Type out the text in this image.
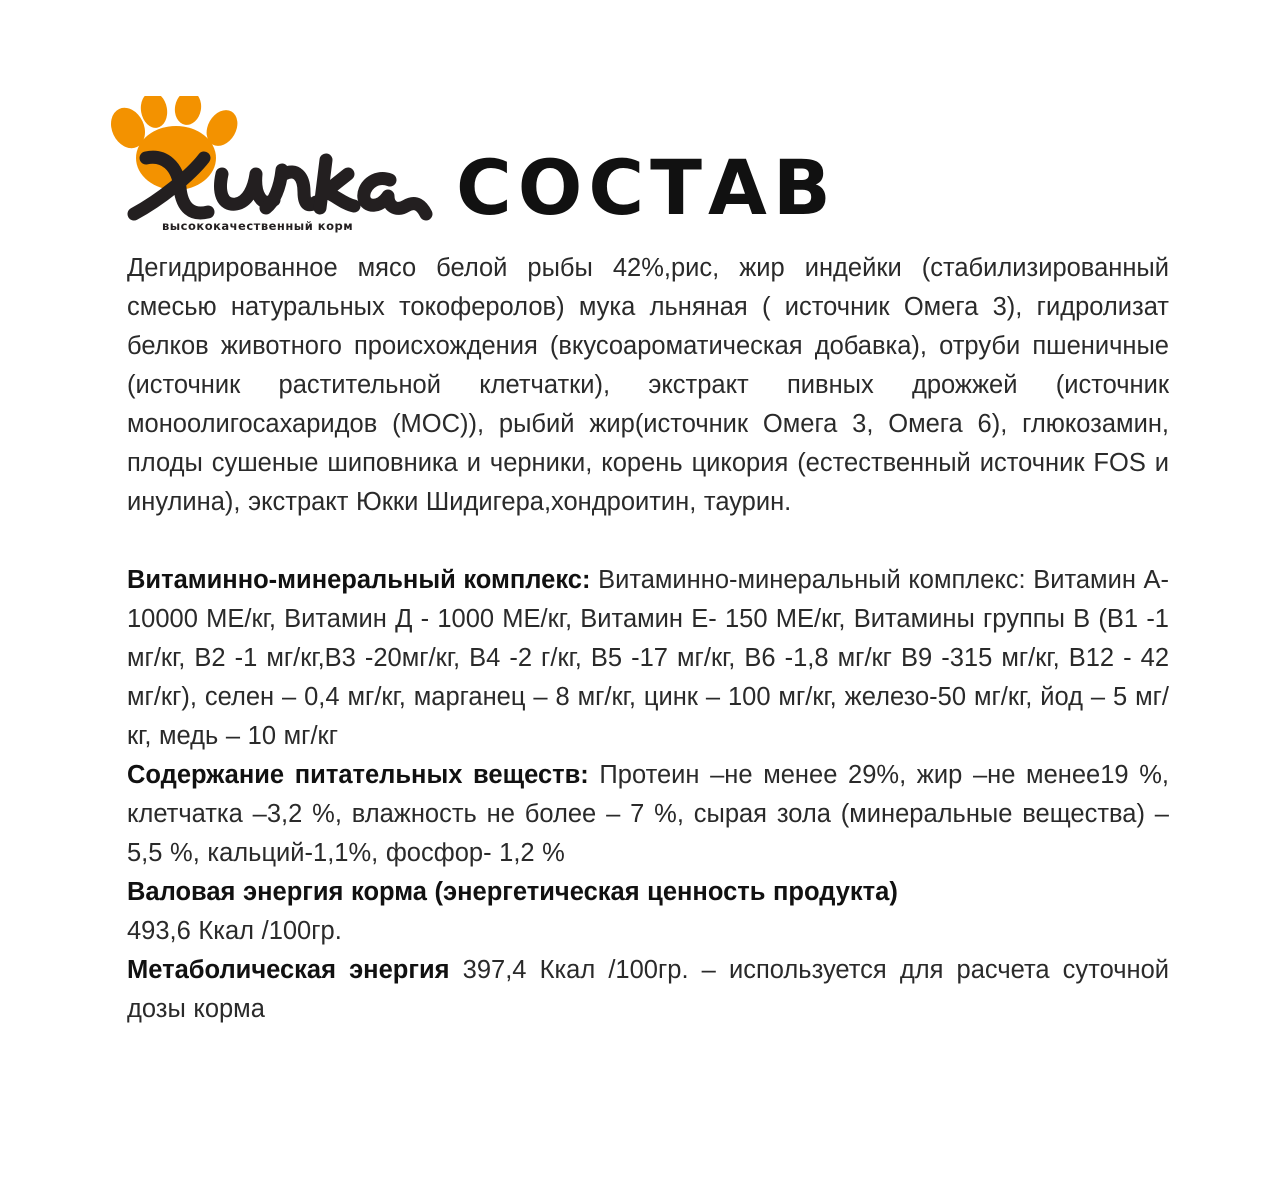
высококачественный корм СОСТАВ

Дегидрированное мясо белой рыбы 42%,рис, жир индейки (стабилизированный смесью натуральных токоферолов) мука льняная ( источник Омега 3), гидролизат белков животного происхождения (вкусоароматическая добавка), отруби пшеничные (источник растительной клетчатки), экстракт пивных дрожжей (источник моноолигосахаридов (МОС)), рыбий жир(источник Омега 3, Омега 6), глюкозамин, плоды сушеные шиповника и черники, корень цикория (естественный источник FOS и инулина), экстракт Юкки Шидигера,хондроитин, таурин.

Витаминно-минеральный комплекс: Витаминно-минеральный комплекс: Витамин А- 10000 МЕ/кг, Витамин Д - 1000 МЕ/кг, Витамин Е- 150 МЕ/кг, Витамины группы В (В1 -1 мг/кг, В2 -1 мг/кг,В3 -20мг/кг, В4 -2 г/кг, В5 -17 мг/кг, В6 -1,8 мг/кг В9 -315 мг/кг, В12 - 42 мг/кг), селен – 0,4 мг/кг, марганец – 8 мг/кг, цинк – 100 мг/кг, железо-50 мг/кг, йод – 5 мг/кг, медь – 10 мг/кг

Содержание питательных веществ: Протеин –не менее 29%, жир –не менее19 %, клетчатка –3,2 %, влажность не более – 7 %, сырая зола (минеральные вещества) – 5,5 %, кальций-1,1%, фосфор- 1,2 %

Валовая энергия корма (энергетическая ценность продукта)

493,6 Ккал /100гр.

Метаболическая энергия 397,4 Ккал /100гр. – используется для расчета суточной дозы корма
